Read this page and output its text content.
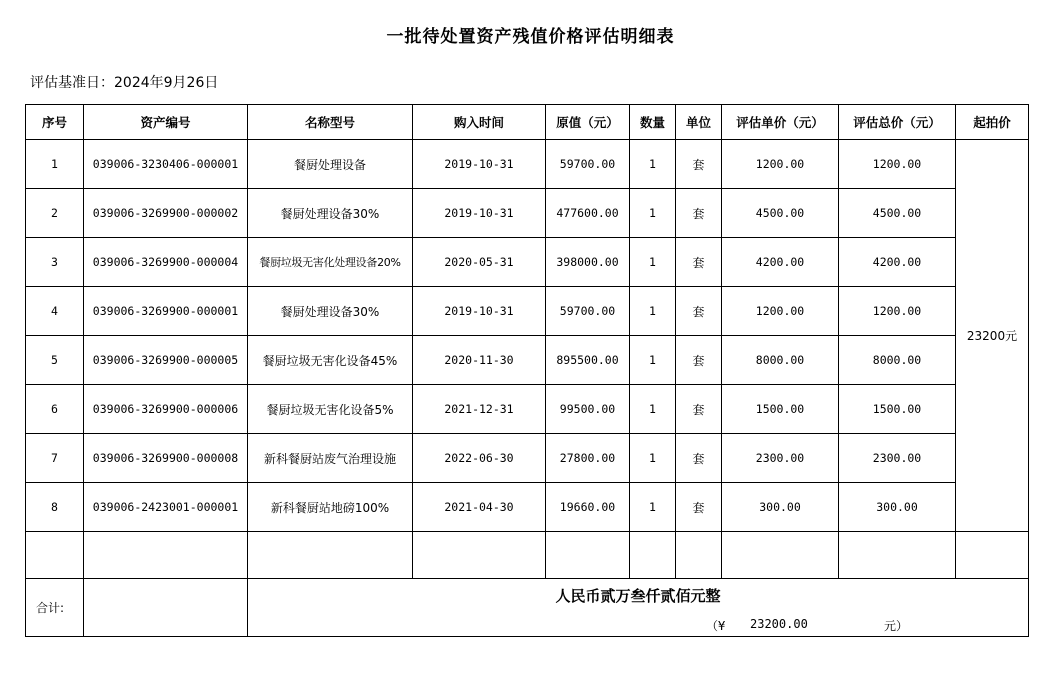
一批待处置资产残值价格评估明细表
评估基准日：2024年9月26日
序号	资产编号	名称型号	购入时间	原值（元）	数量	单位	评估单价（元）	评估总价（元）	起拍价
1	039006-3230406-000001	餐厨处理设备	2019-10-31	59700.00	1	套	1200.00	1200.00	23200元
2	039006-3269900-000002	餐厨处理设备30%	2019-10-31	477600.00	1	套	4500.00	4500.00	
3	039006-3269900-000004	餐厨垃圾无害化处理设备20%	2020-05-31	398000.00	1	套	4200.00	4200.00	
4	039006-3269900-000001	餐厨处理设备30%	2019-10-31	59700.00	1	套	1200.00	1200.00	
5	039006-3269900-000005	餐厨垃圾无害化设备45%	2020-11-30	895500.00	1	套	8000.00	8000.00	
6	039006-3269900-000006	餐厨垃圾无害化设备5%	2021-12-31	99500.00	1	套	1500.00	1500.00	
7	039006-3269900-000008	新科餐厨站废气治理设施	2022-06-30	27800.00	1	套	2300.00	2300.00	
8	039006-2423001-000001	新科餐厨站地磅100%	2021-04-30	19660.00	1	套	300.00	300.00	

合计:		人民币贰万叁仟贰佰元整
（¥ 23200.00 元）							
